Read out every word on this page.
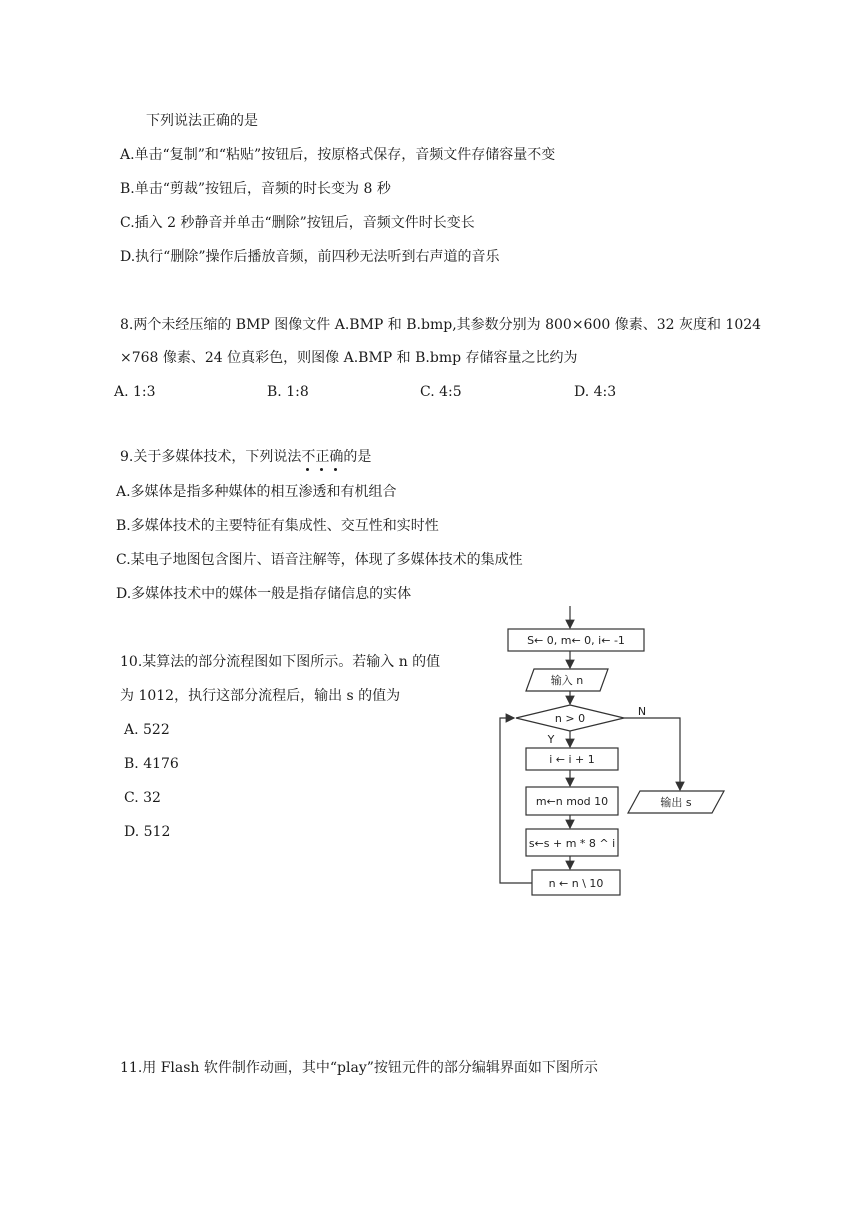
下列说法正确的是
A.单击“复制”和“粘贴”按钮后，按原格式保存，音频文件存储容量不变
B.单击“剪裁”按钮后，音频的时长变为 8 秒
C.插入 2 秒静音并单击“删除”按钮后，音频文件时长变长
D.执行“删除”操作后播放音频，前四秒无法听到右声道的音乐
8.两个未经压缩的 BMP 图像文件 A.BMP 和 B.bmp,其参数分别为 800×600 像素、32 灰度和 1024
×768 像素、24 位真彩色，则图像 A.BMP 和 B.bmp 存储容量之比约为
A. 1:3	B. 1:8	C. 4:5	D. 4:3
9.关于多媒体技术，下列说法不正确
的是
A.多媒体是指多种媒体的相互渗透和有机组合
B.多媒体技术的主要特征有集成性、交互性和实时性
C.某电子地图包含图片、语音注解等，体现了多媒体技术的集成性
D.多媒体技术中的媒体一般是指存储信息的实体
10.某算法的部分流程图如下图所示。若输入 n 的值
为 1012，执行这部分流程后，输出 s 的值为
A. 522
B. 4176
C. 32
D. 512
S← 0, m← 0, i← -1
输入 n
n > 0
Y
N
i ← i + 1
m←n mod 10
s←s + m * 8 ^ i
n ← n \ 10
输出 s
11.用 Flash 软件制作动画，其中“play”按钮元件的部分编辑界面如下图所示
